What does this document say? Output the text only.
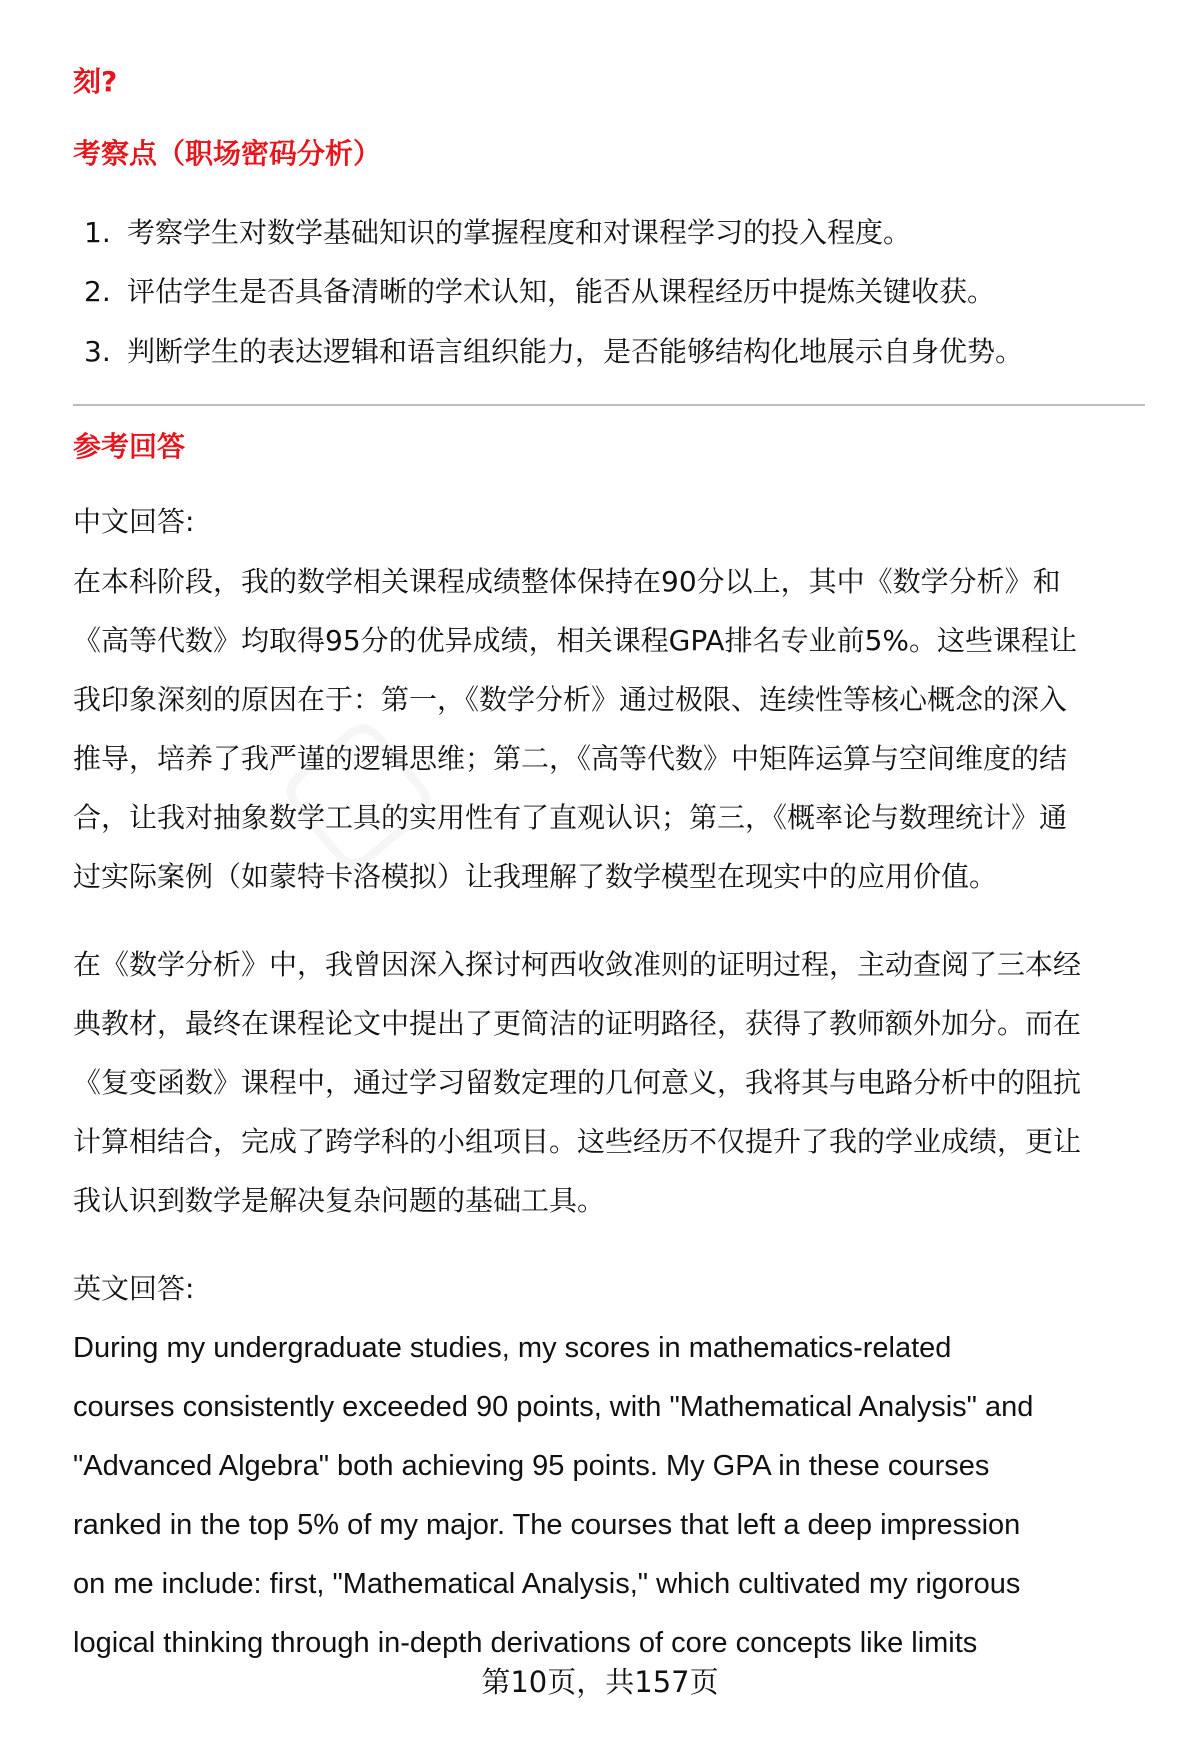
刻?
考察点（职场密码分析）
1. 考察学生对数学基础知识的掌握程度和对课程学习的投入程度。
2. 评估学生是否具备清晰的学术认知，能否从课程经历中提炼关键收获。
3. 判断学生的表达逻辑和语言组织能力，是否能够结构化地展示自身优势。
参考回答
中文回答:
在本科阶段，我的数学相关课程成绩整体保持在90分以上，其中《数学分析》和
《高等代数》均取得95分的优异成绩，相关课程GPA排名专业前5%。这些课程让
我印象深刻的原因在于：第一，《数学分析》通过极限、连续性等核心概念的深入
推导，培养了我严谨的逻辑思维；第二，《高等代数》中矩阵运算与空间维度的结
合，让我对抽象数学工具的实用性有了直观认识；第三，《概率论与数理统计》通
过实际案例（如蒙特卡洛模拟）让我理解了数学模型在现实中的应用价值。
在《数学分析》中，我曾因深入探讨柯西收敛准则的证明过程，主动查阅了三本经
典教材，最终在课程论文中提出了更简洁的证明路径，获得了教师额外加分。而在
《复变函数》课程中，通过学习留数定理的几何意义，我将其与电路分析中的阻抗
计算相结合，完成了跨学科的小组项目。这些经历不仅提升了我的学业成绩，更让
我认识到数学是解决复杂问题的基础工具。
英文回答:
During my undergraduate studies, my scores in mathematics-related
courses consistently exceeded 90 points, with "Mathematical Analysis" and
"Advanced Algebra" both achieving 95 points. My GPA in these courses
ranked in the top 5% of my major. The courses that left a deep impression
on me include: first, "Mathematical Analysis," which cultivated my rigorous
logical thinking through in-depth derivations of core concepts like limits
第10页，共157页
